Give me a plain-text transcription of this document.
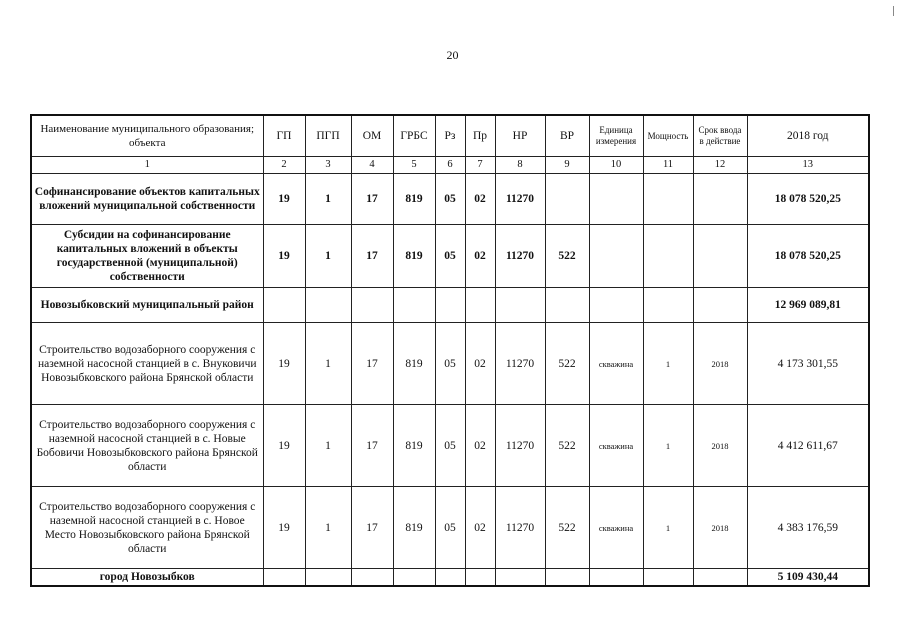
20
Наименование муниципального образования; объекта	ГП	ПГП	ОМ	ГРБС	Рз	Пр	НР	ВР	Единица измерения	Мощность	Срок ввода в действие	2018 год
1	2	3	4	5	6	7	8	9	10	11	12	13
Софинансирование объектов капитальных вложений муниципальной собственности	19	1	17	819	05	02	11270					18 078 520,25
Субсидии на софинансирование капитальных вложений в объекты государственной (муниципальной) собственности	19	1	17	819	05	02	11270	522				18 078 520,25
Новозыбковский муниципальный район												12 969 089,81
Строительство водозаборного сооружения с наземной насосной станцией в с. Внуковичи Новозыбковского района Брянской области	19	1	17	819	05	02	11270	522	скважина	1	2018	4 173 301,55
Строительство водозаборного сооружения с наземной насосной станцией в с. Новые Бобовичи Новозыбковского района Брянской области	19	1	17	819	05	02	11270	522	скважина	1	2018	4 412 611,67
Строительство водозаборного сооружения с наземной насосной станцией в с. Новое Место Новозыбковского района Брянской области	19	1	17	819	05	02	11270	522	скважина	1	2018	4 383 176,59
город Новозыбков												5 109 430,44
